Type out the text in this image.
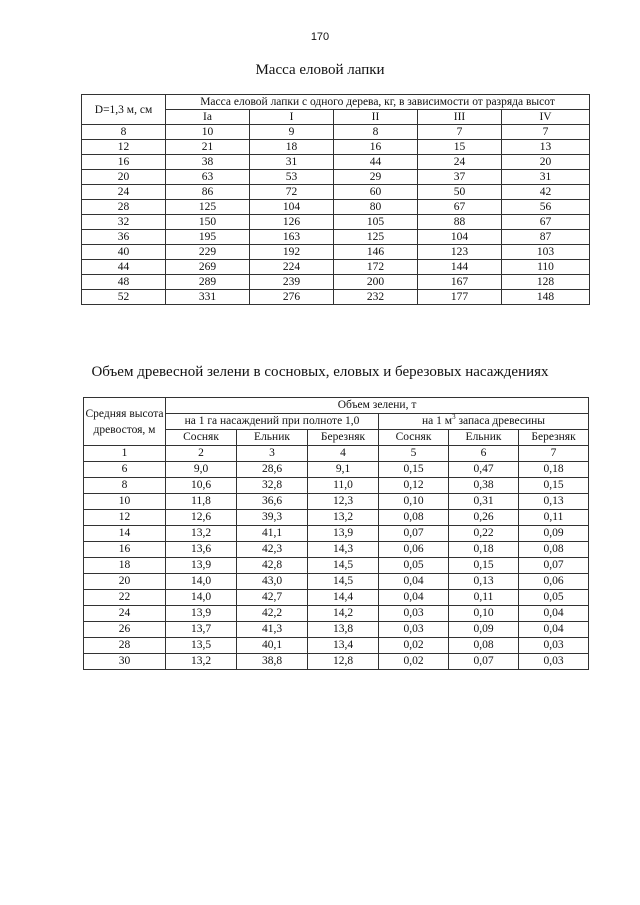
170
Масса еловой лапки
D=1,3 м, см	Масса еловой лапки с одного дерева, кг, в зависимости от разряда высот				
	Iа	I	II	III	IV
8	10	9	8	7	7
12	21	18	16	15	13
16	38	31	44	24	20
20	63	53	29	37	31
24	86	72	60	50	42
28	125	104	80	67	56
32	150	126	105	88	67
36	195	163	125	104	87
40	229	192	146	123	103
44	269	224	172	144	110
48	289	239	200	167	128
52	331	276	232	177	148
Объем древесной зелени в сосновых, еловых и березовых насаждениях
Средняя высота древостоя, м	Объем зелени, т					
	на 1 га насаждений при полноте 1,0			на 1 $м^3$ запаса древесины		
	Сосняк	Ельник	Березняк	Сосняк	Ельник	Березняк
1	2	3	4	5	6	7
6	9,0	28,6	9,1	0,15	0,47	0,18
8	10,6	32,8	11,0	0,12	0,38	0,15
10	11,8	36,6	12,3	0,10	0,31	0,13
12	12,6	39,3	13,2	0,08	0,26	0,11
14	13,2	41,1	13,9	0,07	0,22	0,09
16	13,6	42,3	14,3	0,06	0,18	0,08
18	13,9	42,8	14,5	0,05	0,15	0,07
20	14,0	43,0	14,5	0,04	0,13	0,06
22	14,0	42,7	14,4	0,04	0,11	0,05
24	13,9	42,2	14,2	0,03	0,10	0,04
26	13,7	41,3	13,8	0,03	0,09	0,04
28	13,5	40,1	13,4	0,02	0,08	0,03
30	13,2	38,8	12,8	0,02	0,07	0,03
